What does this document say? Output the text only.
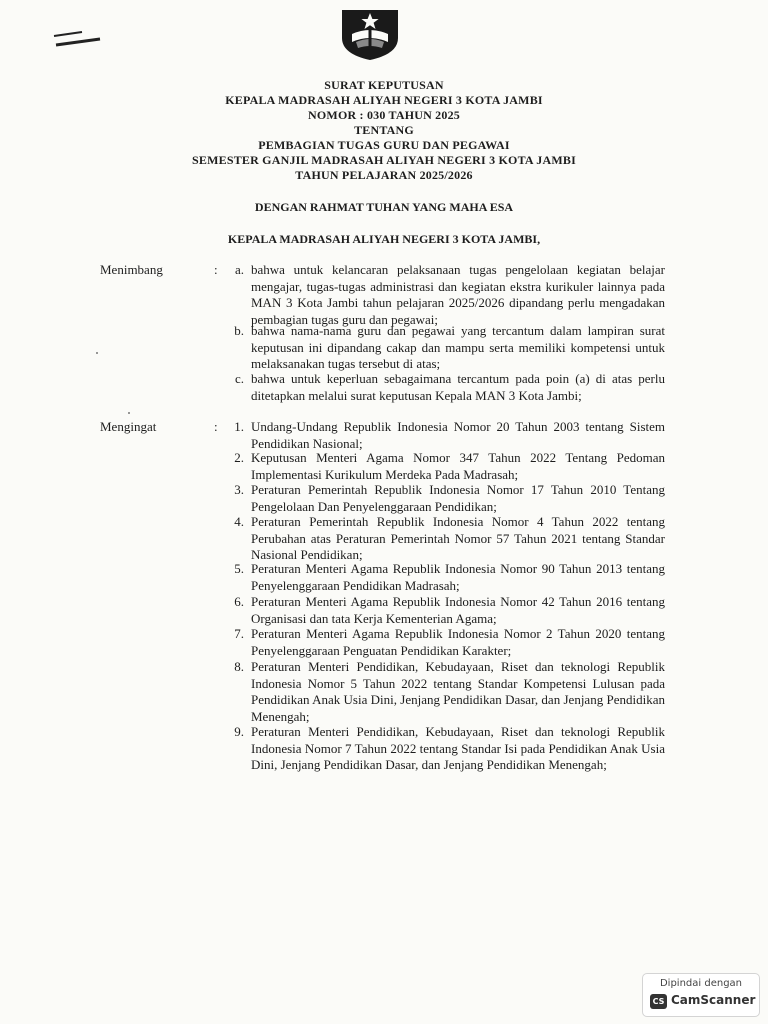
SURAT KEPUTUSAN
KEPALA MADRASAH ALIYAH NEGERI 3 KOTA JAMBI
NOMOR : 030 TAHUN 2025
TENTANG
PEMBAGIAN TUGAS GURU DAN PEGAWAI
SEMESTER GANJIL MADRASAH ALIYAH NEGERI 3 KOTA JAMBI
TAHUN PELAJARAN 2025/2026
DENGAN RAHMAT TUHAN YANG MAHA ESA
KEPALA MADRASAH ALIYAH NEGERI 3 KOTA JAMBI,
Menimbang	:	a. bahwa untuk kelancaran pelaksanaan tugas pengelolaan kegiatan belajar mengajar, tugas-tugas administrasi dan kegiatan ekstra kurikuler lainnya pada MAN 3 Kota Jambi tahun pelajaran 2025/2026 dipandang perlu mengadakan pembagian tugas guru dan pegawai;
b. bahwa nama-nama guru dan pegawai yang tercantum dalam lampiran surat keputusan ini dipandang cakap dan mampu serta memiliki kompetensi untuk melaksanakan tugas tersebut di atas;
c. bahwa untuk keperluan sebagaimana tercantum pada poin (a) di atas perlu ditetapkan melalui surat keputusan Kepala MAN 3 Kota Jambi;
Mengingat	:	1. Undang-Undang Republik Indonesia Nomor 20 Tahun 2003 tentang Sistem Pendidikan Nasional;
2. Keputusan Menteri Agama Nomor 347 Tahun 2022 Tentang Pedoman Implementasi Kurikulum Merdeka Pada Madrasah;
3. Peraturan Pemerintah Republik Indonesia Nomor 17 Tahun 2010 Tentang Pengelolaan Dan Penyelenggaraan Pendidikan;
4. Peraturan Pemerintah Republik Indonesia Nomor 4 Tahun 2022 tentang Perubahan atas Peraturan Pemerintah Nomor 57 Tahun 2021 tentang Standar Nasional Pendidikan;
5. Peraturan Menteri Agama Republik Indonesia Nomor 90 Tahun 2013 tentang Penyelenggaraan Pendidikan Madrasah;
6. Peraturan Menteri Agama Republik Indonesia Nomor 42 Tahun 2016 tentang Organisasi dan tata Kerja Kementerian Agama;
7. Peraturan Menteri Agama Republik Indonesia Nomor 2 Tahun 2020 tentang Penyelenggaraan Penguatan Pendidikan Karakter;
8. Peraturan Menteri Pendidikan, Kebudayaan, Riset dan teknologi Republik Indonesia Nomor 5 Tahun 2022 tentang Standar Kompetensi Lulusan pada Pendidikan Anak Usia Dini, Jenjang Pendidikan Dasar, dan Jenjang Pendidikan Menengah;
9. Peraturan Menteri Pendidikan, Kebudayaan, Riset dan teknologi Republik Indonesia Nomor 7 Tahun 2022 tentang Standar Isi pada Pendidikan Anak Usia Dini, Jenjang Pendidikan Dasar, dan Jenjang Pendidikan Menengah;
Dipindai dengan
CS CamScanner
